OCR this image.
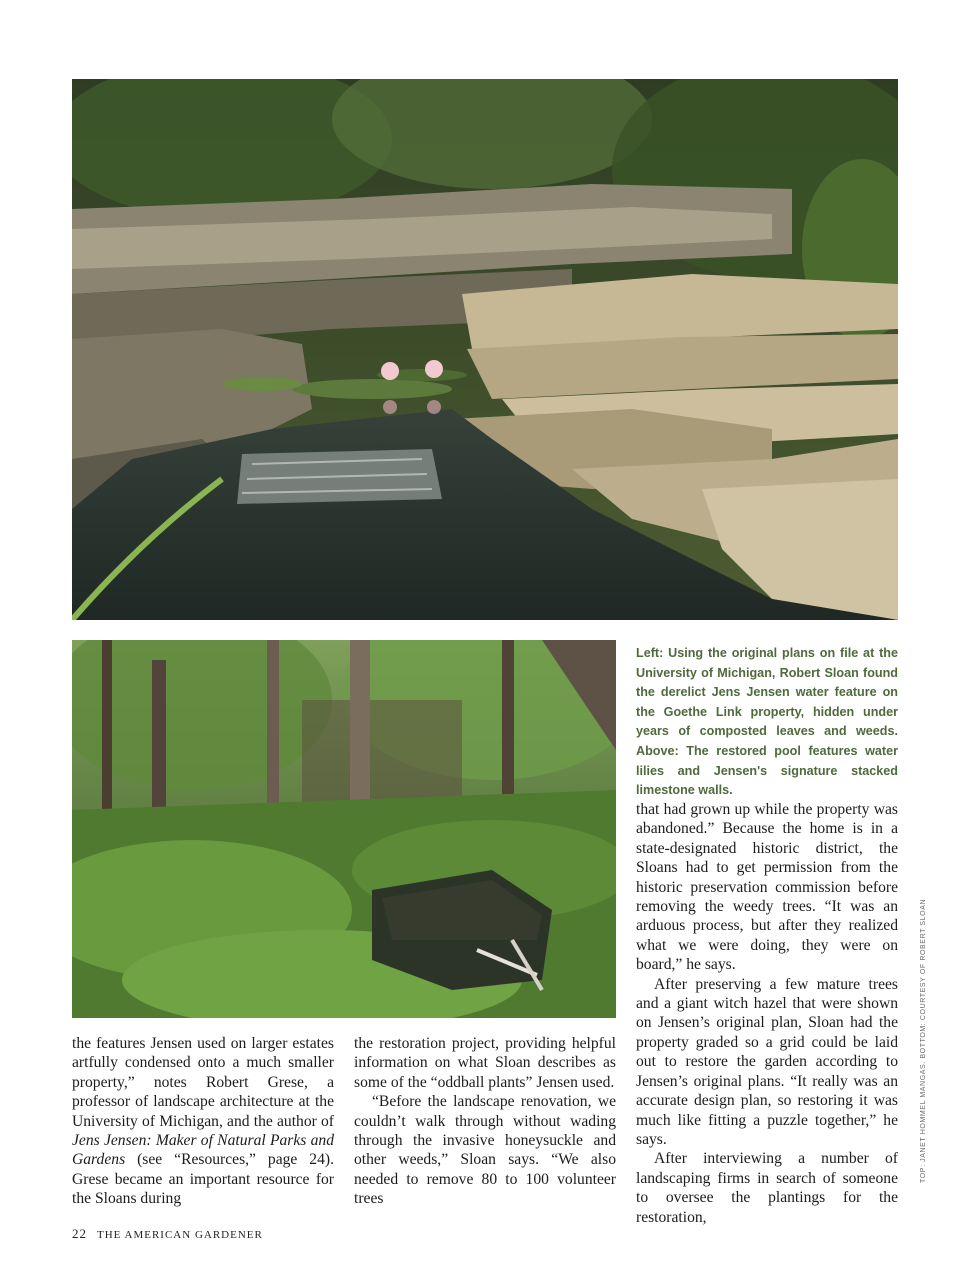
Left: Using the original plans on file at the University of Michigan, Robert Sloan found the derelict Jens Jensen water feature on the Goethe Link property, hidden under years of composted leaves and weeds. Above: The restored pool features water lilies and Jensen's signature stacked limestone walls.

the features Jensen used on larger estates artfully condensed onto a much smaller property,” notes Robert Grese, a professor of landscape architecture at the University of Michigan, and the author of Jens Jensen: Maker of Natural Parks and Gardens (see “Resources,” page 24). Grese became an important resource for the Sloans during

the restoration project, providing helpful information on what Sloan describes as some of the “oddball plants” Jensen used.

“Before the landscape renovation, we couldn’t walk through without wading through the invasive honeysuckle and other weeds,” Sloan says. “We also needed to remove 80 to 100 volunteer trees

that had grown up while the property was abandoned.” Because the home is in a state-designated historic district, the Sloans had to get permission from the historic preservation commission before removing the weedy trees. “It was an arduous process, but after they realized what we were doing, they were on board,” he says.

After preserving a few mature trees and a giant witch hazel that were shown on Jensen’s original plan, Sloan had the property graded so a grid could be laid out to restore the garden according to Jensen’s original plans. “It really was an accurate design plan, so restoring it was much like fitting a puzzle together,” he says.

After interviewing a number of landscaping firms in search of someone to oversee the plantings for the restoration,

TOP: JANET HOMMEL MANGAS. BOTTOM: COURTESY OF ROBERT SLOAN
22 THE AMERICAN GARDENER
